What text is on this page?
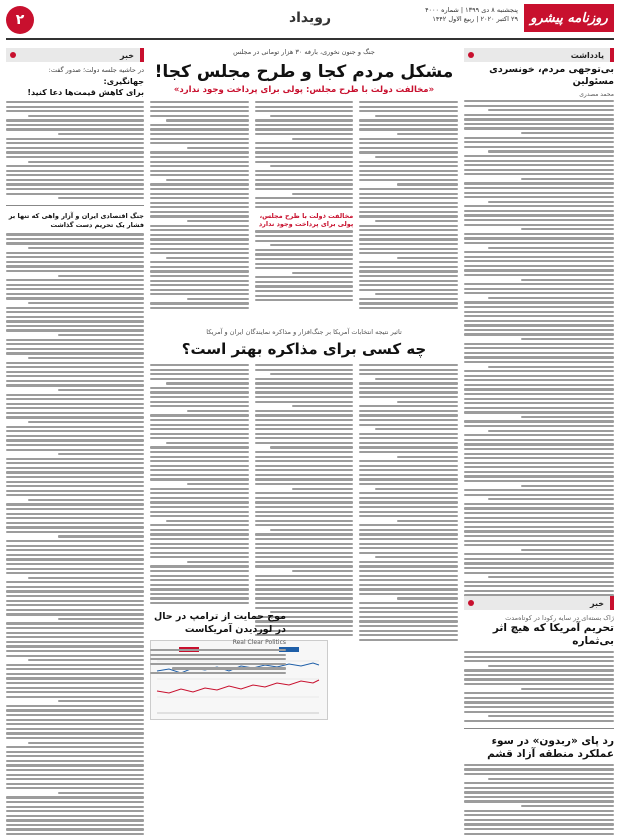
۲	رویداد	روزنامه پیشرو
پنجشنبه ۸ دی ۱۳۹۹ | شماره ۴۰۰۰
۲۹ اکتبر ۲۰۲۰ | ربیع الاول ۱۴۴۲
یادداشت
بی‌توجهی مردم، خونسردی مسئولین
محمد مصدری
جنگ و جنون نخوری، بارفه ۳۰ هزار تومانی در مجلس
مشکل مردم کجا و طرح مجلس کجا!
«مخالفت دولت با طرح مجلس: پولی برای پرداخت وجود ندارد»
مخالفت ذولت با ظرح مجلس، پولی برای پرداخت وجود ندارد
خبر
در حاشیه جلسه دولت؛ صدور گفت:
جهانگیری:
برای کاهش قیمت‌ها دعا کنید!
جنگ اقتصادی ایران و آزار واهی که تنها بر فشار یک تحریم دست گذاشت
تاثیر نتیجه انتخابات آمریکا بر جنگ‌افزار و مذاکره نمایندگان ایران و آمریکا
چه کسی برای مذاکره بهتر است؟
موج حمایت از ترامپ در حال در لوردیدن آمریکاست
Real Clear Politics
خبر
ژاک بسته‌ای در سایه رکودا در کوتاه‌مدت
تحریم آمریکا که هیچ اثر بی‌ثماره
رد پای «ربدون» در سوء عملکرد منطقه آزاد قشم
